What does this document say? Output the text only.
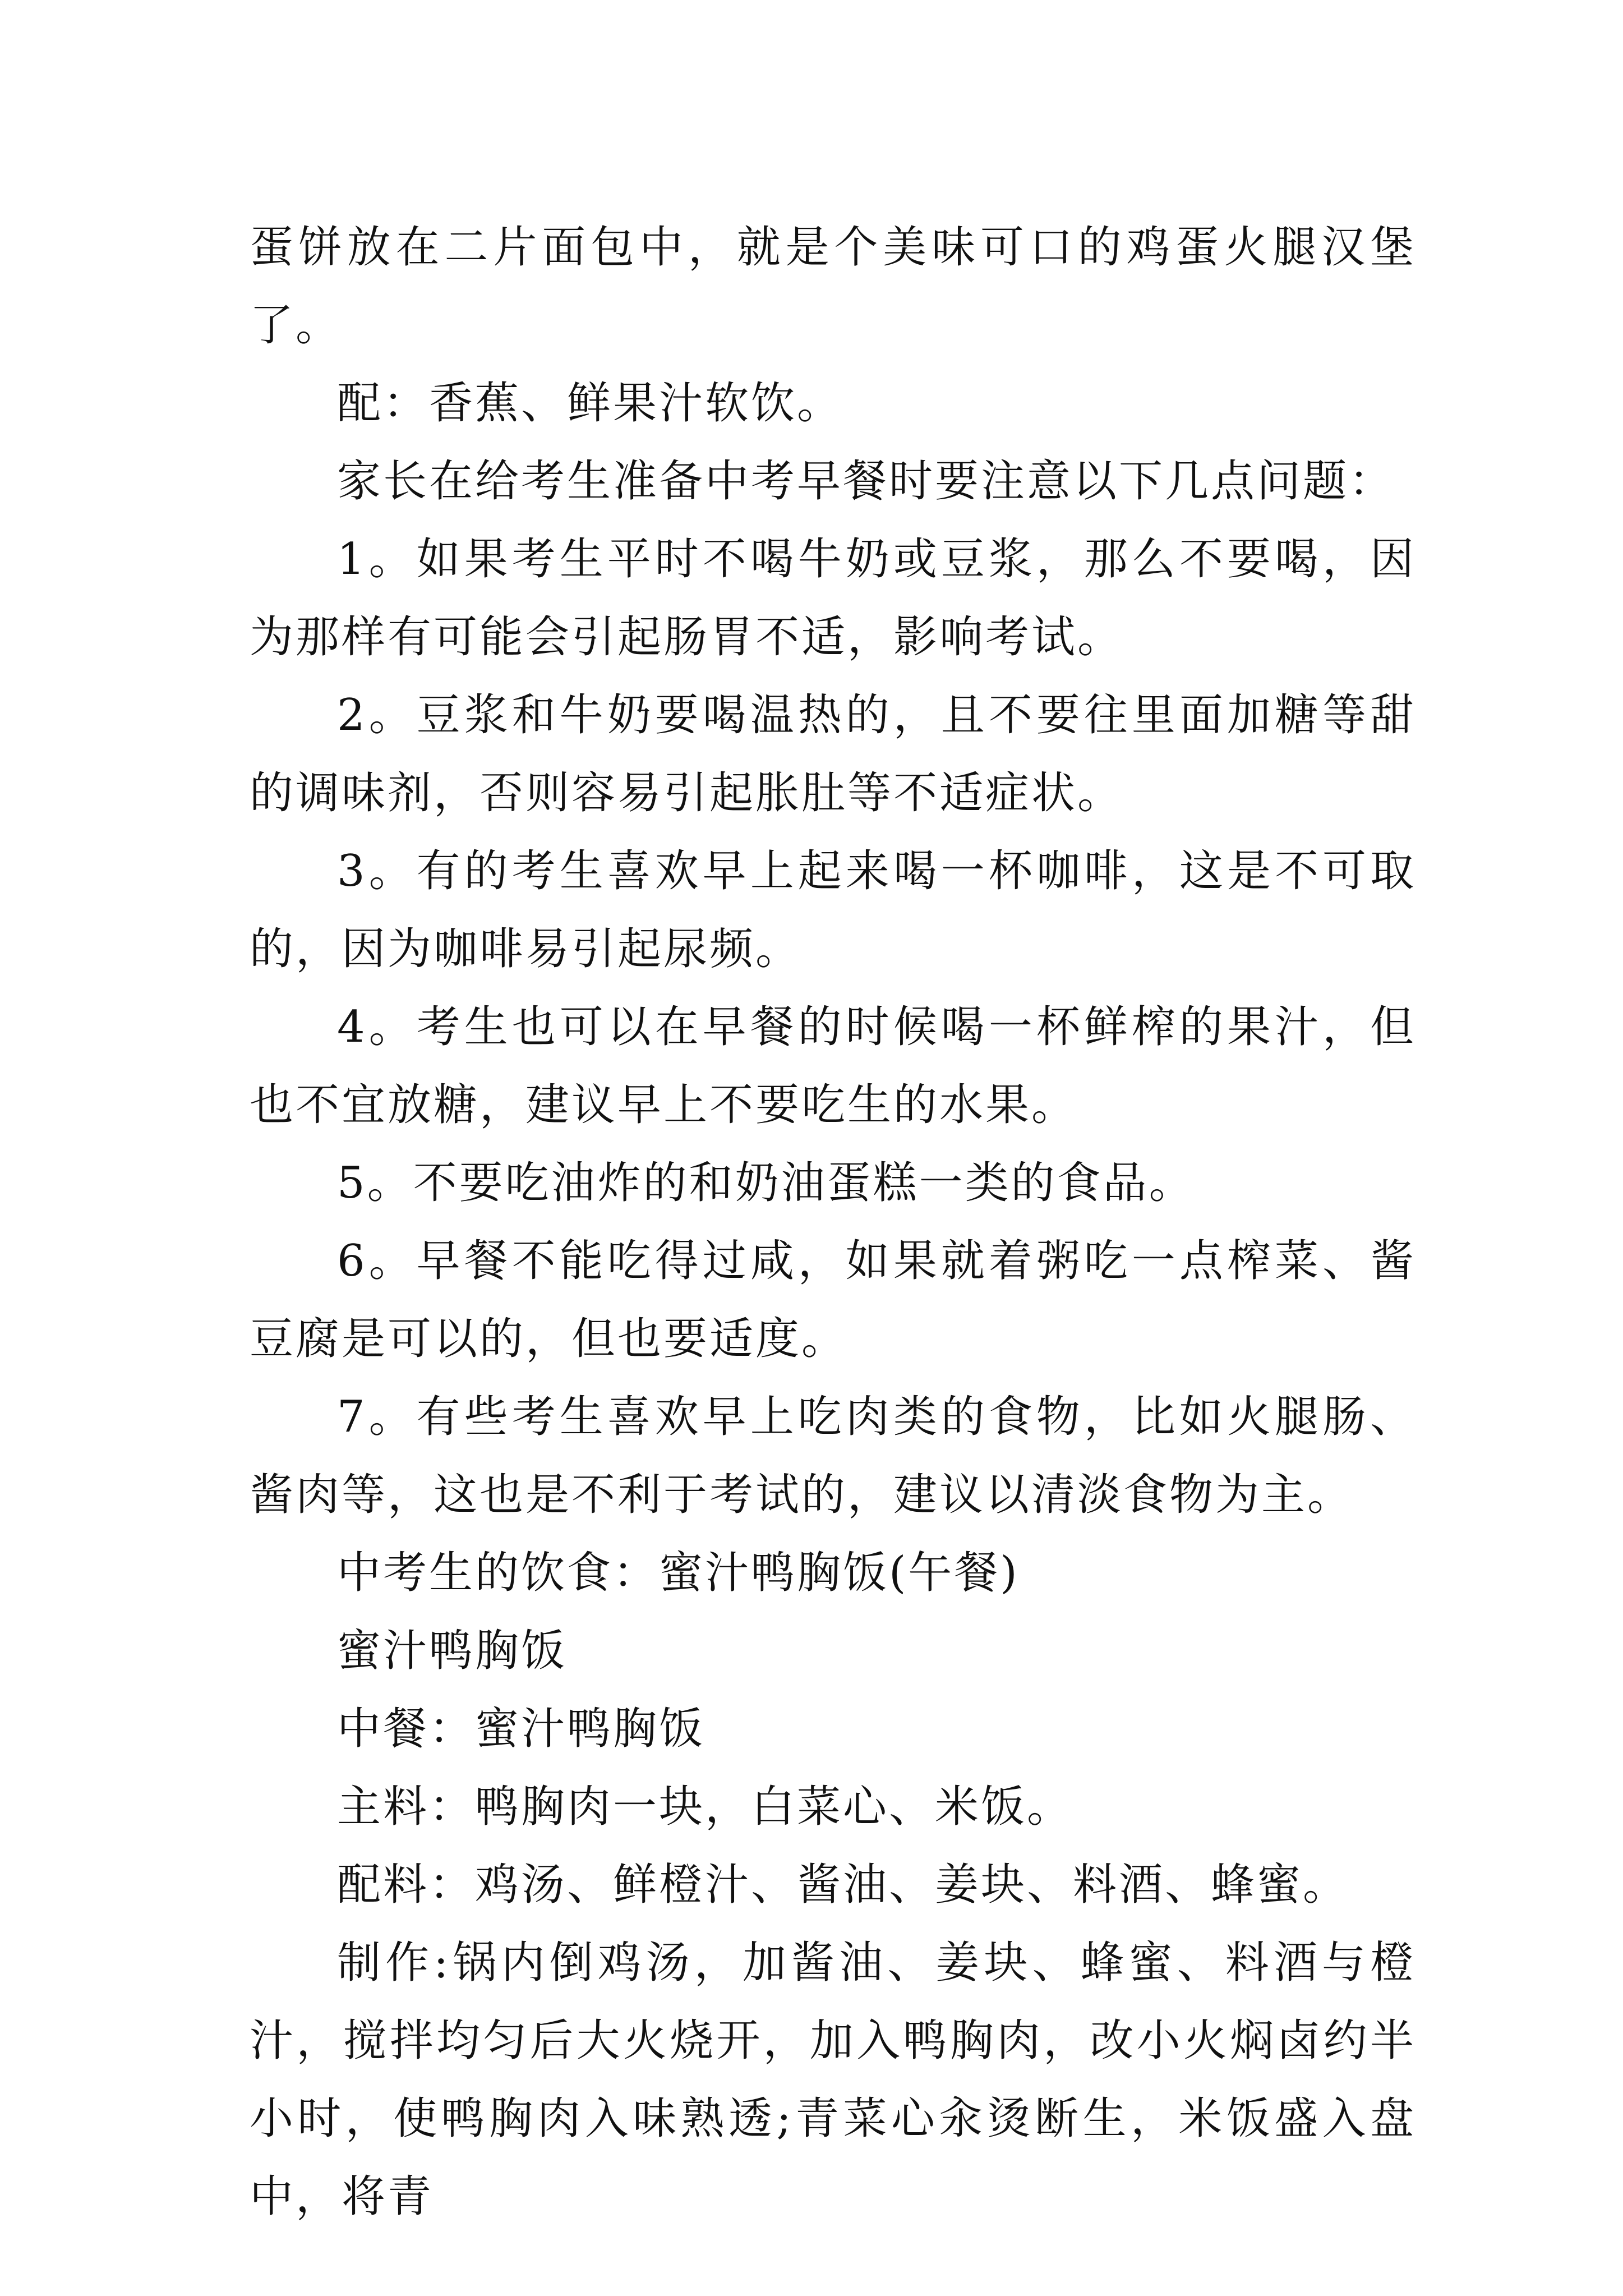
蛋饼放在二片面包中，就是个美味可口的鸡蛋火腿汉堡了。

配：香蕉、鲜果汁软饮。

家长在给考生准备中考早餐时要注意以下几点问题：

1。如果考生平时不喝牛奶或豆浆，那么不要喝，因为那样有可能会引起肠胃不适，影响考试。

2。豆浆和牛奶要喝温热的，且不要往里面加糖等甜的调味剂，否则容易引起胀肚等不适症状。

3。有的考生喜欢早上起来喝一杯咖啡，这是不可取的，因为咖啡易引起尿频。

4。考生也可以在早餐的时候喝一杯鲜榨的果汁，但也不宜放糖，建议早上不要吃生的水果。

5。不要吃油炸的和奶油蛋糕一类的食品。

6。早餐不能吃得过咸，如果就着粥吃一点榨菜、酱豆腐是可以的，但也要适度。

7。有些考生喜欢早上吃肉类的食物，比如火腿肠、酱肉等，这也是不利于考试的，建议以清淡食物为主。

中考生的饮食：蜜汁鸭胸饭(午餐)

蜜汁鸭胸饭

中餐：蜜汁鸭胸饭

主料：鸭胸肉一块，白菜心、米饭。

配料：鸡汤、鲜橙汁、酱油、姜块、料酒、蜂蜜。

制作:锅内倒鸡汤，加酱油、姜块、蜂蜜、料酒与橙汁，搅拌均匀后大火烧开，加入鸭胸肉，改小火焖卤约半小时，使鸭胸肉入味熟透;青菜心汆烫断生，米饭盛入盘中，将青
